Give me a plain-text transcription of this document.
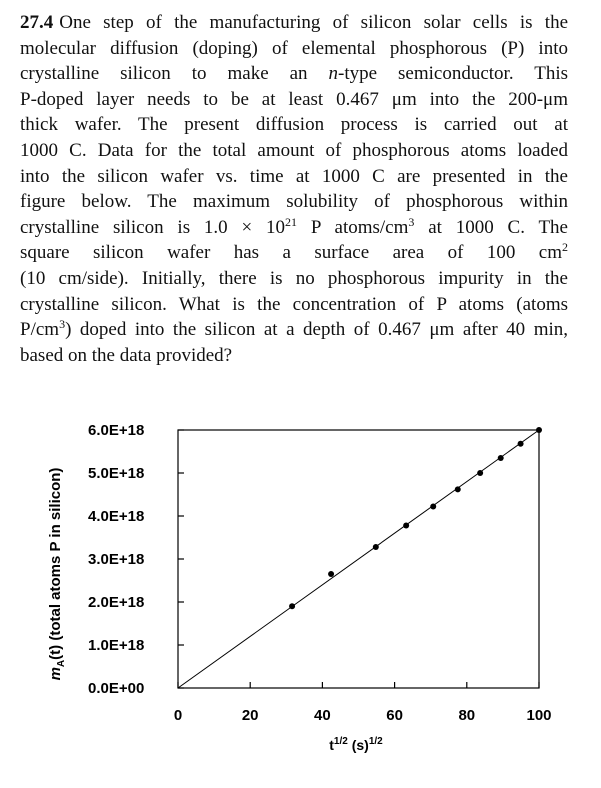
27.4 One step of the manufacturing of silicon solar cells is the
molecular diffusion (doping) of elemental phosphorous (P) into
crystalline silicon to make an n-type semiconductor. This
P-doped layer needs to be at least 0.467 μm into the 200-μm
thick wafer. The present diffusion process is carried out at
1000 C. Data for the total amount of phosphorous atoms loaded
into the silicon wafer vs. time at 1000 C are presented in the
figure below. The maximum solubility of phosphorous within
crystalline silicon is $1.0 \times 10^{21}$ P atoms/$cm^3$ at 1000 C. The
square silicon wafer has a surface area of 100 $cm^2$
(10 cm/side). Initially, there is no phosphorous impurity in the
crystalline silicon. What is the concentration of P atoms (atoms
$P/cm^3$) doped into the silicon at a depth of 0.467 μm after 40 min,
based on the data provided?
0.0E+00
1.0E+18
2.0E+18
3.0E+18
4.0E+18
5.0E+18
6.0E+18
0	20	40	60	80	100
$m_A(t)$ (total atoms P in silicon)
$t^{1/2}$ $(s)^{1/2}$
